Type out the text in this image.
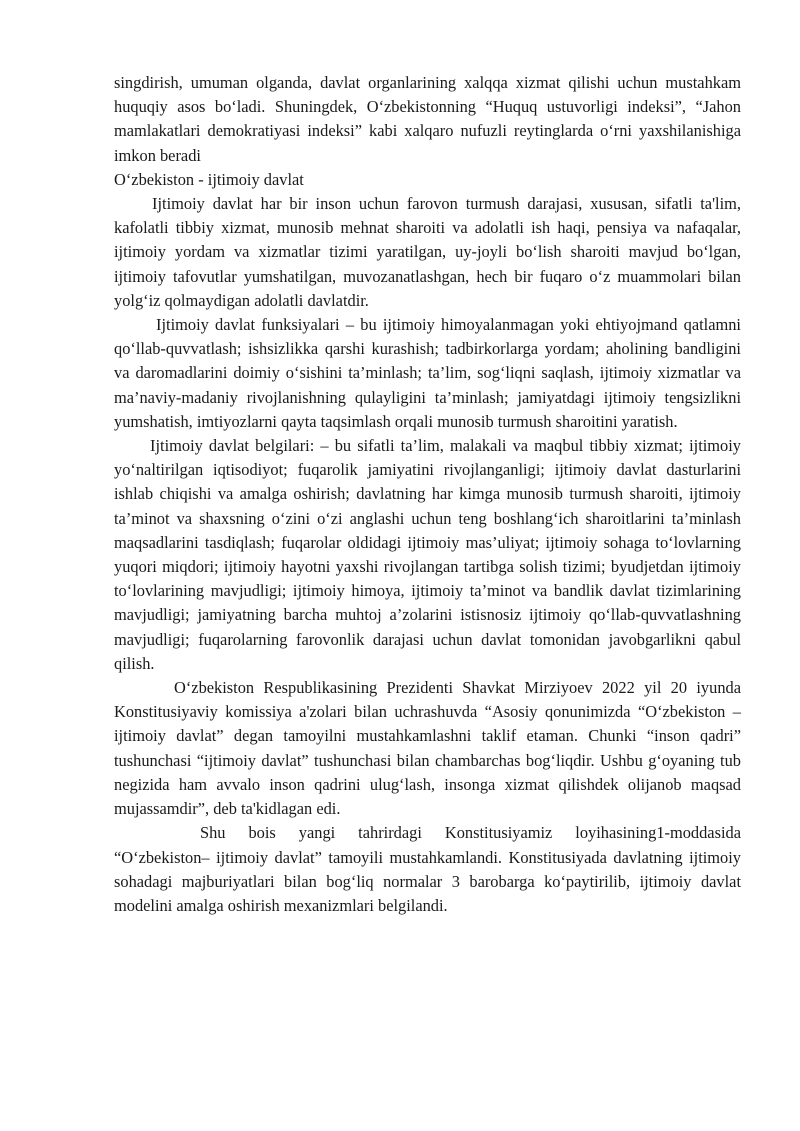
singdirish, umuman olganda, davlat organlarining xalqqa xizmat qilishi uchun mustahkam huquqiy asos bo‘ladi. Shuningdek, O‘zbekistonning “Huquq ustuvorligi indeksi”, “Jahon mamlakatlari demokratiyasi indeksi” kabi xalqaro nufuzli reytinglarda o‘rni yaxshilanishiga imkon beradi

O‘zbekiston - ijtimoiy davlat

Ijtimoiy davlat har bir inson uchun farovon turmush darajasi, xususan, sifatli ta'lim, kafolatli tibbiy xizmat, munosib mehnat sharoiti va adolatli ish haqi, pensiya va nafaqalar, ijtimoiy yordam va xizmatlar tizimi yaratilgan, uy-joyli bo‘lish sharoiti mavjud bo‘lgan, ijtimoiy tafovutlar yumshatilgan, muvozanatlashgan, hech bir fuqaro o‘z muammolari bilan yolg‘iz qolmaydigan adolatli davlatdir.

Ijtimoiy davlat funksiyalari – bu ijtimoiy himoyalanmagan yoki ehtiyojmand qatlamni qo‘llab-quvvatlash; ishsizlikka qarshi kurashish; tadbirkorlarga yordam; aholining bandligini va daromadlarini doimiy o‘sishini ta’minlash; ta’lim, sog‘liqni saqlash, ijtimoiy xizmatlar va ma’naviy-madaniy rivojlanishning qulayligini ta’minlash; jamiyatdagi ijtimoiy tengsizlikni yumshatish, imtiyozlarni qayta taqsimlash orqali munosib turmush sharoitini yaratish.

Ijtimoiy davlat belgilari: – bu sifatli ta’lim, malakali va maqbul tibbiy xizmat; ijtimoiy yo‘naltirilgan iqtisodiyot; fuqarolik jamiyatini rivojlanganligi; ijtimoiy davlat dasturlarini ishlab chiqishi va amalga oshirish; davlatning har kimga munosib turmush sharoiti, ijtimoiy ta’minot va shaxsning o‘zini o‘zi anglashi uchun teng boshlang‘ich sharoitlarini ta’minlash maqsadlarini tasdiqlash; fuqarolar oldidagi ijtimoiy mas’uliyat; ijtimoiy sohaga to‘lovlarning yuqori miqdori; ijtimoiy hayotni yaxshi rivojlangan tartibga solish tizimi; byudjetdan ijtimoiy to‘lovlarining mavjudligi; ijtimoiy himoya, ijtimoiy ta’minot va bandlik davlat tizimlarining mavjudligi; jamiyatning barcha muhtoj a’zolarini istisnosiz ijtimoiy qo‘llab-quvvatlashning mavjudligi; fuqarolarning farovonlik darajasi uchun davlat tomonidan javobgarlikni qabul qilish.

O‘zbekiston Respublikasining Prezidenti Shavkat Mirziyoev 2022 yil 20 iyunda Konstitusiyaviy komissiya a'zolari bilan uchrashuvda “Asosiy qonunimizda “O‘zbekiston – ijtimoiy davlat” degan tamoyilni mustahkamlashni taklif etaman. Chunki “inson qadri” tushunchasi “ijtimoiy davlat” tushunchasi bilan chambarchas bog‘liqdir. Ushbu g‘oyaning tub negizida ham avvalo inson qadrini ulug‘lash, insonga xizmat qilishdek olijanob maqsad mujassamdir”, deb ta'kidlagan edi.

Shu bois yangi tahrirdagi Konstitusiyamiz loyihasining1-moddasida “O‘zbekiston– ijtimoiy davlat” tamoyili mustahkamlandi. Konstitusiyada davlatning ijtimoiy sohadagi majburiyatlari bilan bog‘liq normalar 3 barobarga ko‘paytirilib, ijtimoiy davlat modelini amalga oshirish mexanizmlari belgilandi.
